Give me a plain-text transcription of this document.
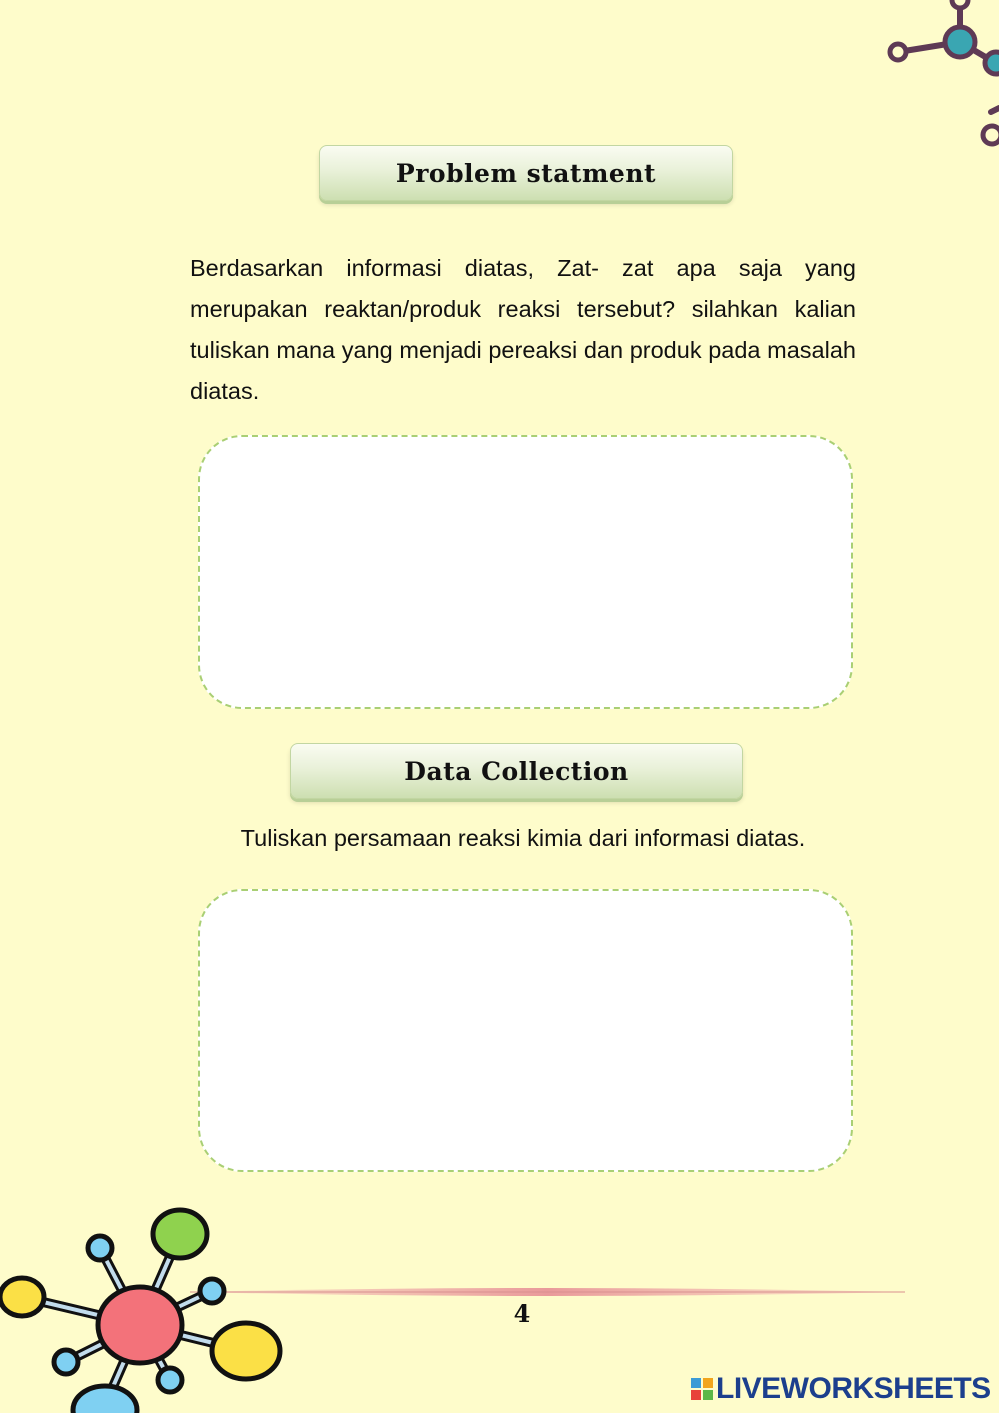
Problem statment
Berdasarkan informasi diatas, Zat- zat apa saja yang merupakan reaktan/produk reaksi tersebut? silahkan kalian tuliskan mana yang menjadi pereaksi dan produk pada masalah diatas.
Data Collection
Tuliskan persamaan reaksi kimia dari informasi diatas.
4
LIVEWORKSHEETS
